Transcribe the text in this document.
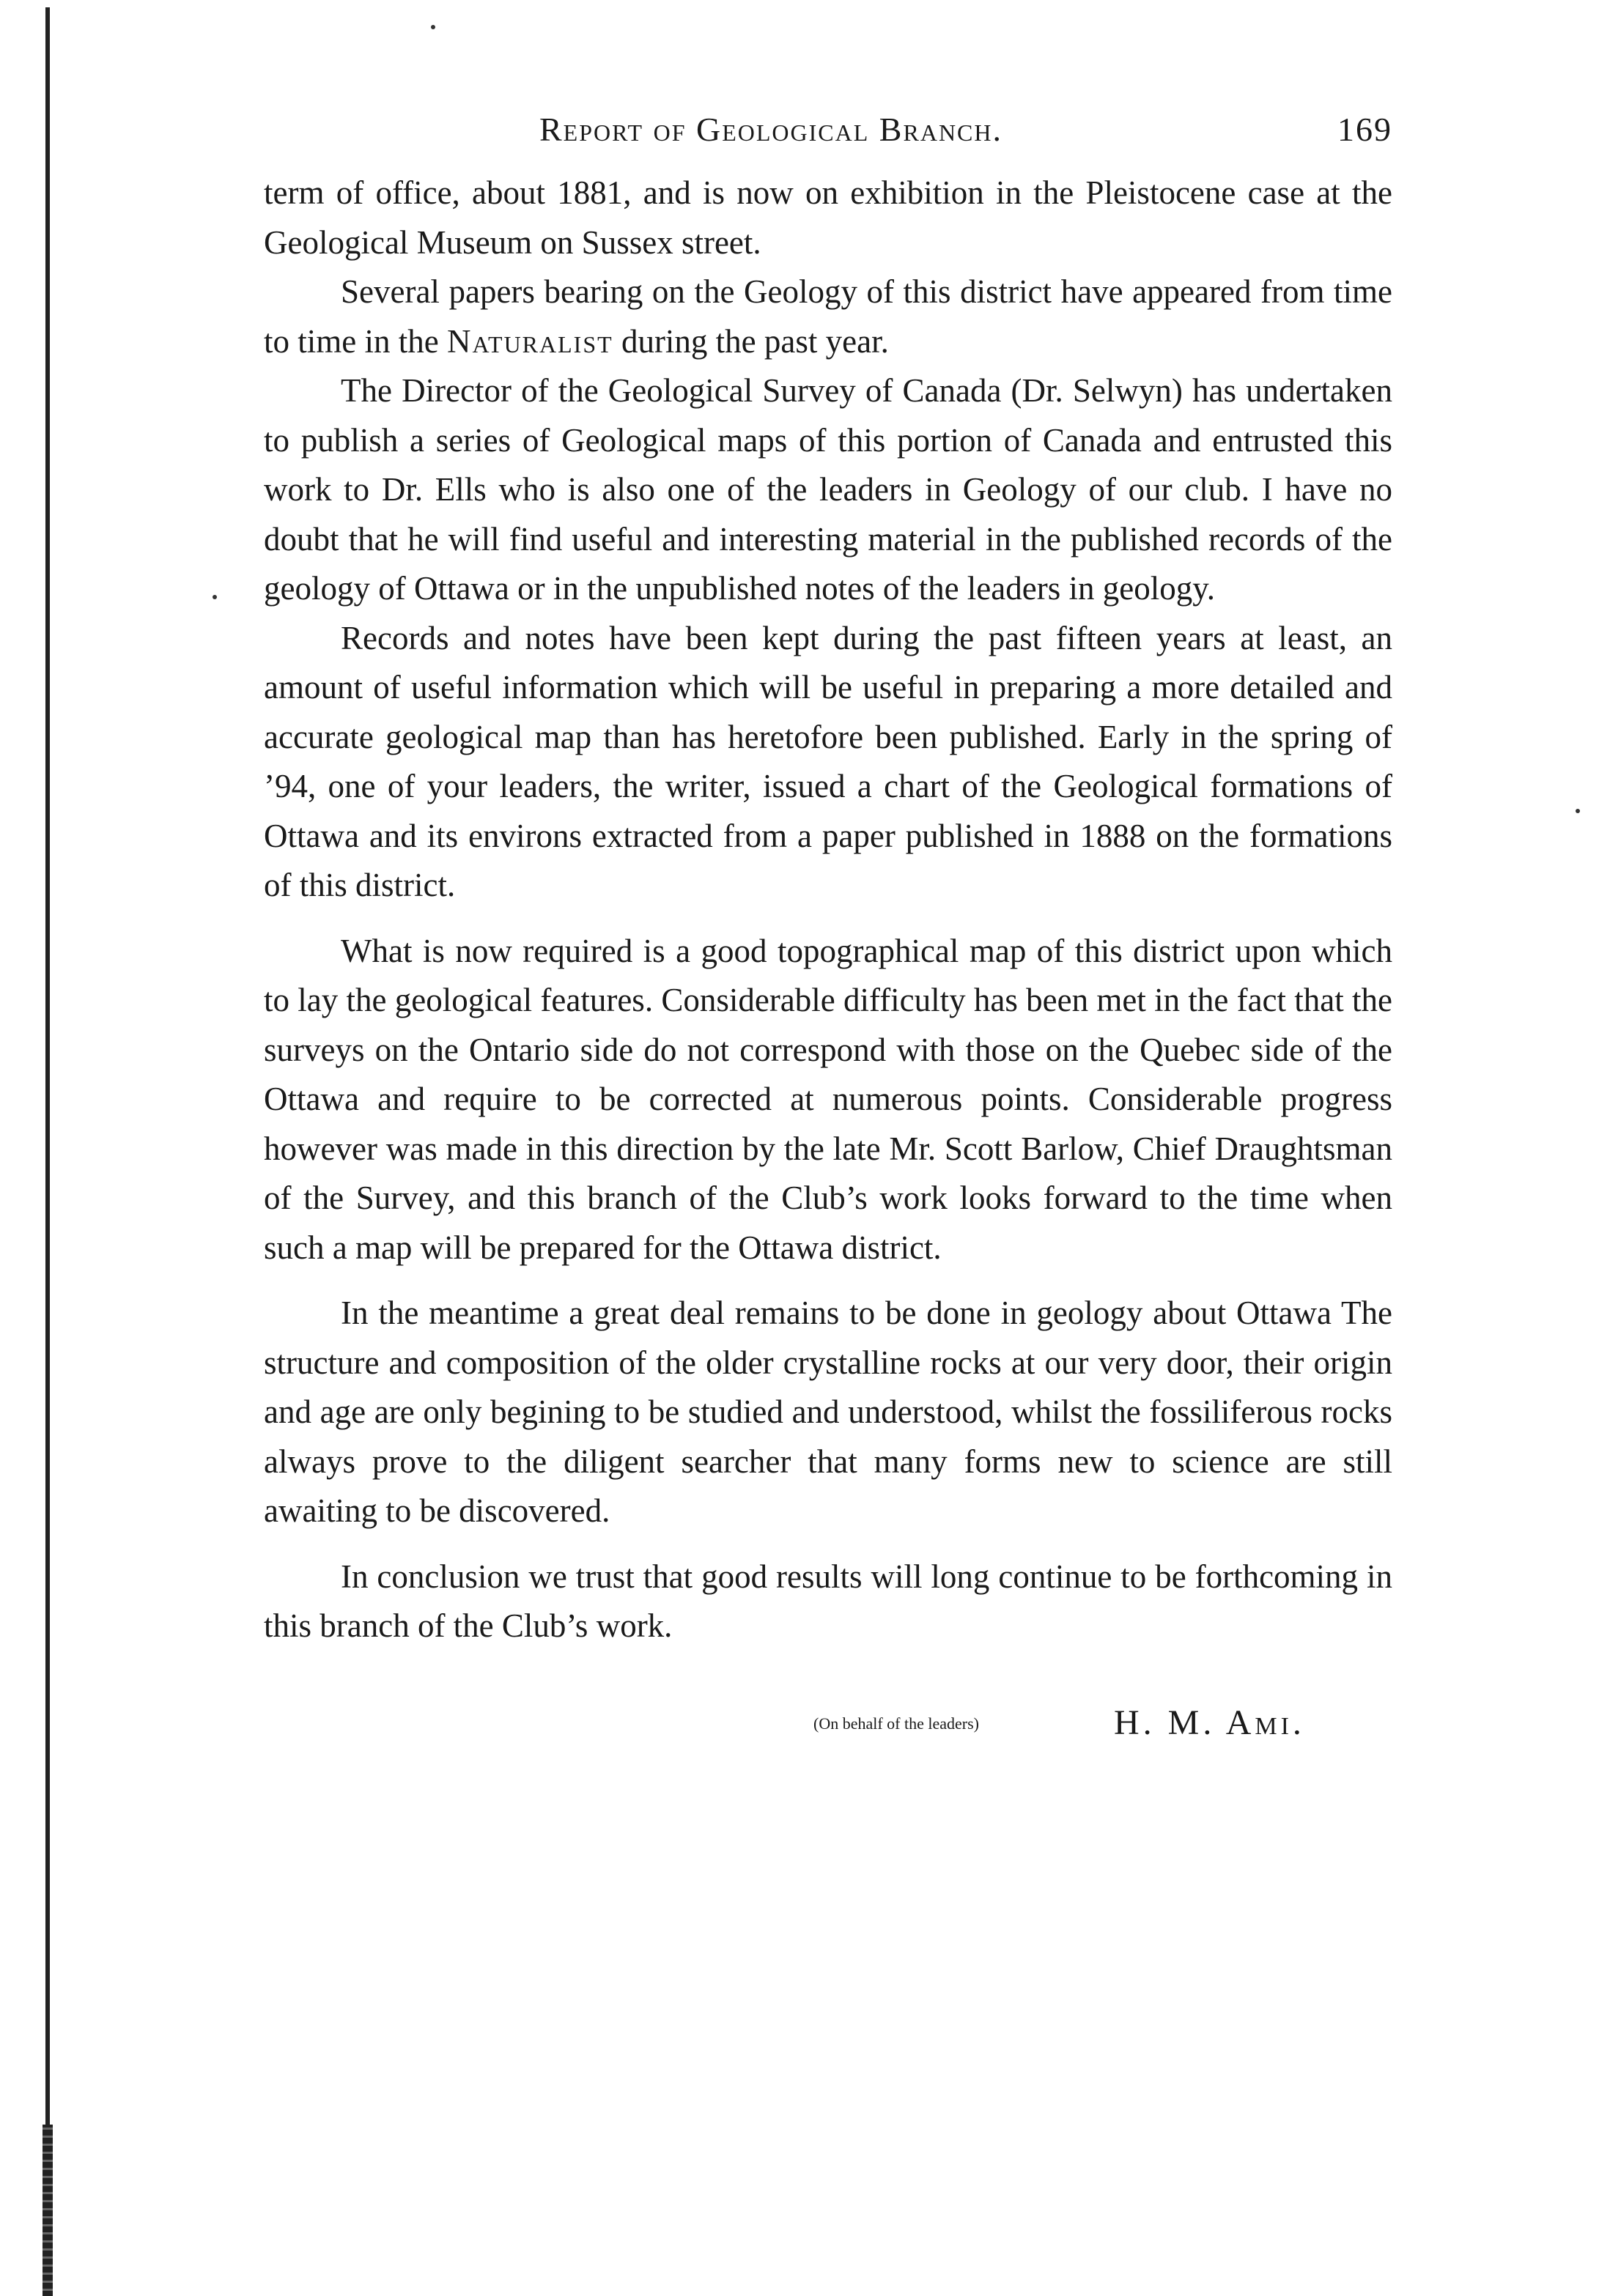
Report of Geological Branch.	169

term of office, about 1881, and is now on exhibition in the Pleistocene case at the Geological Museum on Sussex street.

Several papers bearing on the Geology of this district have appeared from time to time in the Naturalist during the past year.

The Director of the Geological Survey of Canada (Dr. Selwyn) has undertaken to publish a series of Geological maps of this portion of Canada and entrusted this work to Dr. Ells who is also one of the leaders in Geology of our club. I have no doubt that he will find useful and interesting material in the published records of the geology of Ottawa or in the unpublished notes of the leaders in geology.

Records and notes have been kept during the past fifteen years at least, an amount of useful information which will be useful in preparing a more detailed and accurate geological map than has heretofore been published. Early in the spring of ’94, one of your leaders, the writer, issued a chart of the Geological formations of Ottawa and its environs extracted from a paper published in 1888 on the formations of this district.

What is now required is a good topographical map of this district upon which to lay the geological features. Considerable difficulty has been met in the fact that the surveys on the Ontario side do not correspond with those on the Quebec side of the Ottawa and require to be corrected at numerous points. Considerable progress however was made in this direction by the late Mr. Scott Barlow, Chief Draughtsman of the Survey, and this branch of the Club’s work looks forward to the time when such a map will be prepared for the Ottawa district.

In the meantime a great deal remains to be done in geology about Ottawa The structure and composition of the older crystalline rocks at our very door, their origin and age are only begining to be studied and understood, whilst the fossiliferous rocks always prove to the diligent searcher that many forms new to science are still awaiting to be discovered.

In conclusion we trust that good results will long continue to be forthcoming in this branch of the Club’s work.

(On behalf of the leaders)	H. M. Ami.
